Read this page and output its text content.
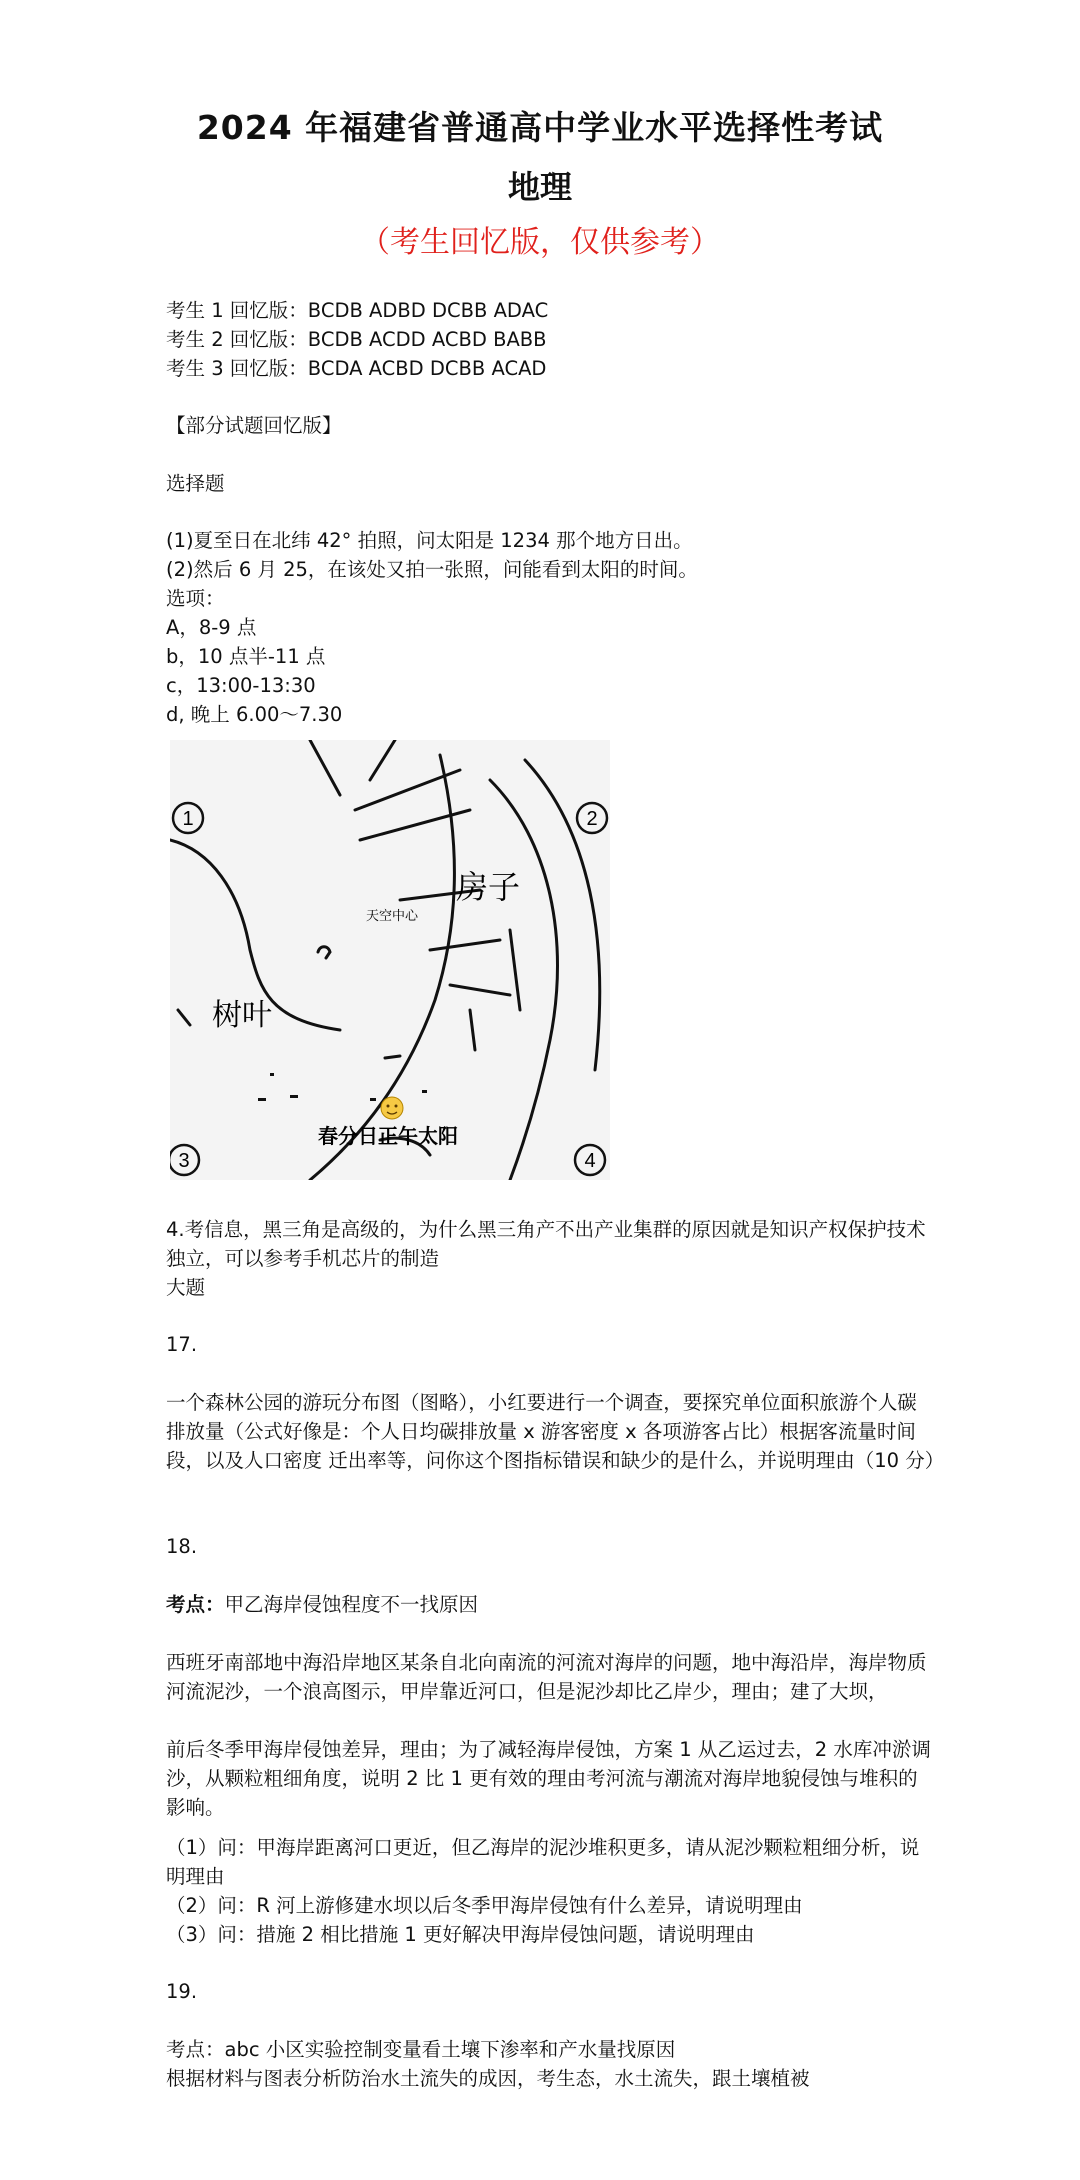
2024 年福建省普通高中学业水平选择性考试
地理
（考生回忆版，仅供参考）

考生 1 回忆版：BCDB ADBD DCBB ADAC

考生 2 回忆版：BCDB ACDD ACBD BABB

考生 3 回忆版：BCDA ACBD DCBB ACAD

【部分试题回忆版】

选择题

(1)夏至日在北纬 42° 拍照，问太阳是 1234 那个地方日出。

(2)然后 6 月 25，在该处又拍一张照，问能看到太阳的时间。

选项：

A，8-9 点

b，10 点半-11 点

c，13:00-13:30

d, 晚上 6.00～7.30

1	2
3	4
房子
树叶
天空中心
春分日正午太阳

4.考信息，黑三角是高级的，为什么黑三角产不出产业集群的原因就是知识产权保护技术独立，可以参考手机芯片的制造

大题

17.

一个森林公园的游玩分布图（图略），小红要进行一个调查，要探究单位面积旅游个人碳排放量（公式好像是：个人日均碳排放量 x 游客密度 x 各项游客占比）根据客流量时间段，以及人口密度 迁出率等，问你这个图指标错误和缺少的是什么，并说明理由（10 分）

18.

考点：甲乙海岸侵蚀程度不一找原因

西班牙南部地中海沿岸地区某条自北向南流的河流对海岸的问题，地中海沿岸，海岸物质河流泥沙，一个浪高图示，甲岸靠近河口，但是泥沙却比乙岸少，理由；建了大坝，

前后冬季甲海岸侵蚀差异，理由；为了减轻海岸侵蚀，方案 1 从乙运过去，2 水库冲淤调沙，从颗粒粗细角度，说明 2 比 1 更有效的理由考河流与潮流对海岸地貌侵蚀与堆积的影响。

（1）问：甲海岸距离河口更近，但乙海岸的泥沙堆积更多，请从泥沙颗粒粗细分析，说明理由

（2）问：R 河上游修建水坝以后冬季甲海岸侵蚀有什么差异，请说明理由

（3）问：措施 2 相比措施 1 更好解决甲海岸侵蚀问题，请说明理由

19.

考点：abc 小区实验控制变量看土壤下渗率和产水量找原因

根据材料与图表分析防治水土流失的成因，考生态，水土流失，跟土壤植被
